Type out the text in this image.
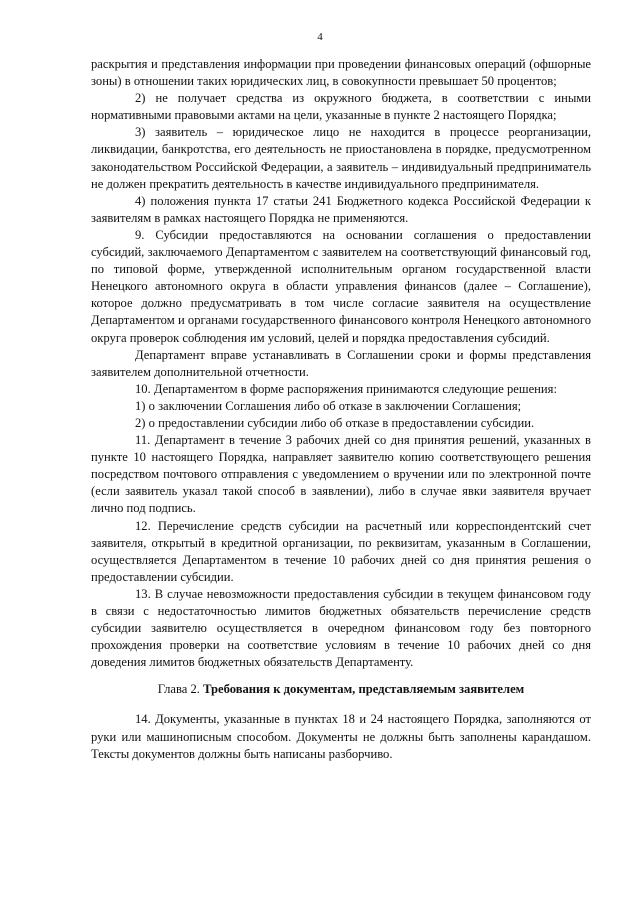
4

раскрытия и представления информации при проведении финансовых операций (офшорные зоны) в отношении таких юридических лиц, в совокупности превышает 50 процентов;

2) не получает средства из окружного бюджета, в соответствии с иными нормативными правовыми актами на цели, указанные в пункте 2 настоящего Порядка;

3) заявитель – юридическое лицо не находится в процессе реорганизации, ликвидации, банкротства, его деятельность не приостановлена в порядке, предусмотренном законодательством Российской Федерации, а заявитель – индивидуальный предприниматель не должен прекратить деятельность в качестве индивидуального предпринимателя.

4) положения пункта 17 статьи 241 Бюджетного кодекса Российской Федерации к заявителям в рамках настоящего Порядка не применяются.

9. Субсидии предоставляются на основании соглашения о предоставлении субсидий, заключаемого Департаментом с заявителем на соответствующий финансовый год, по типовой форме, утвержденной исполнительным органом государственной власти Ненецкого автономного округа в области управления финансов (далее – Соглашение), которое должно предусматривать в том числе согласие заявителя на осуществление Департаментом и органами государственного финансового контроля Ненецкого автономного округа проверок соблюдения им условий, целей и порядка предоставления субсидий.

Департамент вправе устанавливать в Соглашении сроки и формы представления заявителем дополнительной отчетности.

10. Департаментом в форме распоряжения принимаются следующие решения:

1) о заключении Соглашения либо об отказе в заключении Соглашения;

2) о предоставлении субсидии либо об отказе в предоставлении субсидии.

11. Департамент в течение 3 рабочих дней со дня принятия решений, указанных в пункте 10 настоящего Порядка, направляет заявителю копию соответствующего решения посредством почтового отправления с уведомлением о вручении или по электронной почте (если заявитель указал такой способ в заявлении), либо в случае явки заявителя вручает лично под подпись.

12. Перечисление средств субсидии на расчетный или корреспондентский счет заявителя, открытый в кредитной организации, по реквизитам, указанным в Соглашении, осуществляется Департаментом в течение 10 рабочих дней со дня принятия решения о предоставлении субсидии.

13. В случае невозможности предоставления субсидии в текущем финансовом году в связи с недостаточностью лимитов бюджетных обязательств перечисление средств субсидии заявителю осуществляется в очередном финансовом году без повторного прохождения проверки на соответствие условиям в течение 10 рабочих дней со дня доведения лимитов бюджетных обязательств Департаменту.

Глава 2. Требования к документам, представляемым заявителем

14. Документы, указанные в пунктах 18 и 24 настоящего Порядка, заполняются от руки или машинописным способом. Документы не должны быть заполнены карандашом. Тексты документов должны быть написаны разборчиво.
